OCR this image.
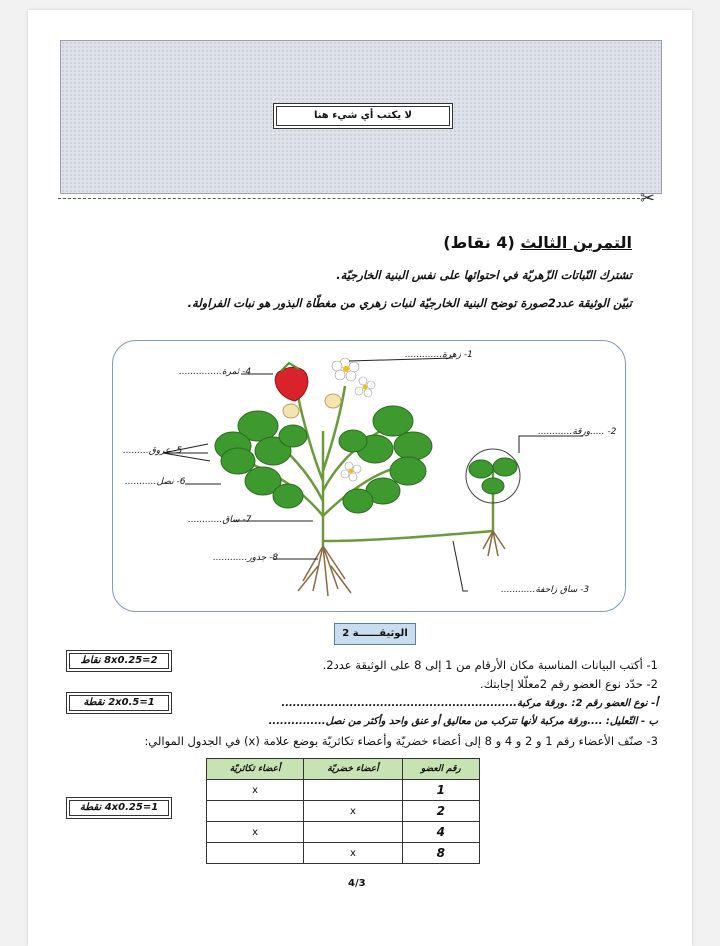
لا يكتب أي شيء هنا
✂
التمرين الثالث (4 نقاط)
تشترك النّباتات الزّهريّة في احتوائها على نفس البنية الخارجيّة.
تبيّن الوثيقة عدد2صورة توضح البنية الخارجيّة لنبات زهري من مغطّاة البذور هو نبات الفراولة.
1- زهرة.............
2- .....ورقة............
3- ساق زاحفة............
4- ثمرة...............
5- عروق.........
6- نصل...........
7- ساق............
8- جذور............
الوثيقــــــة 2
2=8x0.25 نقاط
1=2x0.5 نقطة
1=4x0.25 نقطة
1- أكتب البيانات المناسبة مكان الأرقام من 1 إلى 8 على الوثيقة عدد2.
2- حدّد نوع العضو رقم 2معلّلا إجابتك.
أ- نوع العضو رقم 2: .ورقة مركبة..............................................................
ب - التّعليل: ....ورقة مركبة لأنها تتركب من معاليق أو عنق واحد وأكثر من نصل...............
3- صنّف الأعضاء رقم 1 و 2 و 4 و 8 إلى أعضاء خضريّة وأعضاء تكاثريّة بوضع علامة (x) في الجدول الموالي:
رقم العضو	أعضاء خضريّة	أعضاء تكاثريّة
1		x
2	x	
4		x
8	x	
4/3
